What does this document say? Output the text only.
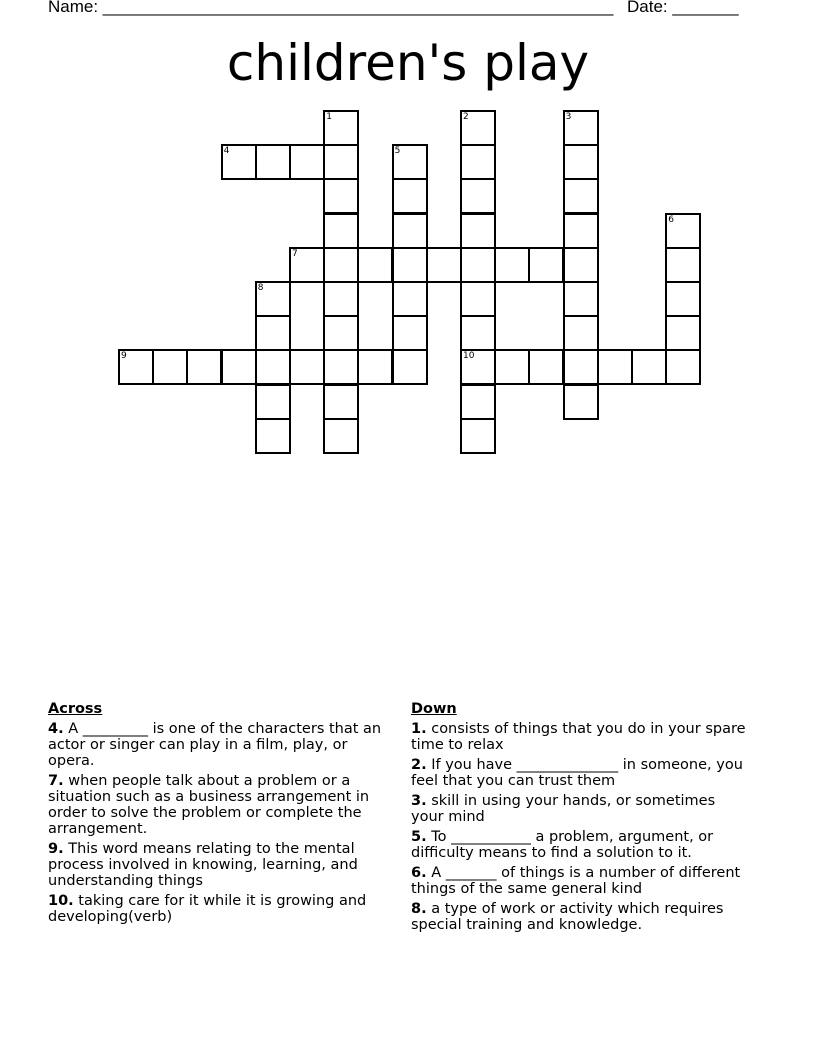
Name: ______________________________________________________ Date: _______
children's play
1	2
10
3
4	5
6
7
8
9
Across
4. A _________ is one of the characters that an actor or singer can play in a film, play, or opera.
7. when people talk about a problem or a situation such as a business arrangement in order to solve the problem or complete the arrangement.
9. This word means relating to the mental process involved in knowing, learning, and understanding things
10. taking care for it while it is growing and developing(verb)
Down
1. consists of things that you do in your spare time to relax
2. If you have ______________ in someone, you feel that you can trust them
3. skill in using your hands, or sometimes your mind
5. To ___________ a problem, argument, or difficulty means to find a solution to it.
6. A _______ of things is a number of different things of the same general kind
8. a type of work or activity which requires special training and knowledge.
